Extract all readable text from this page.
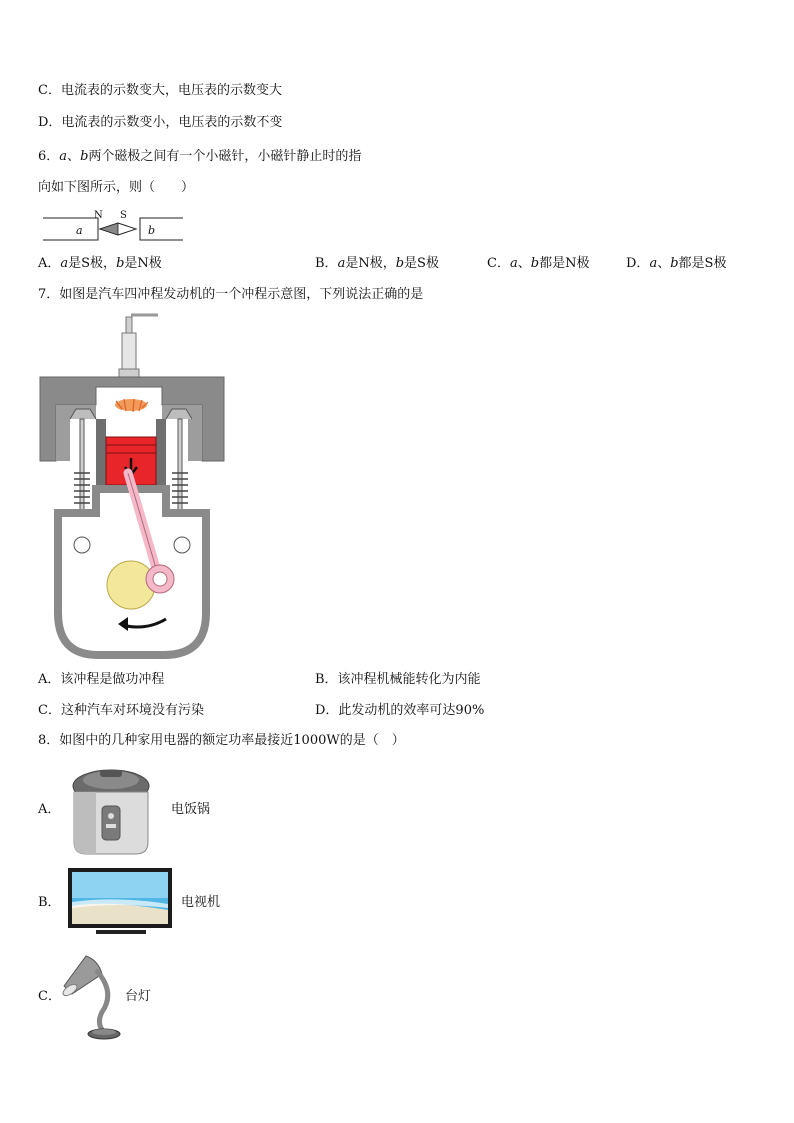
C．电流表的示数变大，电压表的示数变大
D．电流表的示数变小，电压表的示数不变
6．a、b两个磁极之间有一个小磁针，小磁针静止时的指
向如下图所示，则（　　）
a	b
N S
A．a是S极，b是N极	B．a是N极，b是S极	C．a、b都是N极	D．a、b都是S极
7．如图是汽车四冲程发动机的一个冲程示意图，下列说法正确的是
A．该冲程是做功冲程	B．该冲程机械能转化为内能
C．这种汽车对环境没有污染	D．此发动机的效率可达90%
8．如图中的几种家用电器的额定功率最接近1000W的是（　）
A．	电饭锅
B．	电视机
C．	台灯
